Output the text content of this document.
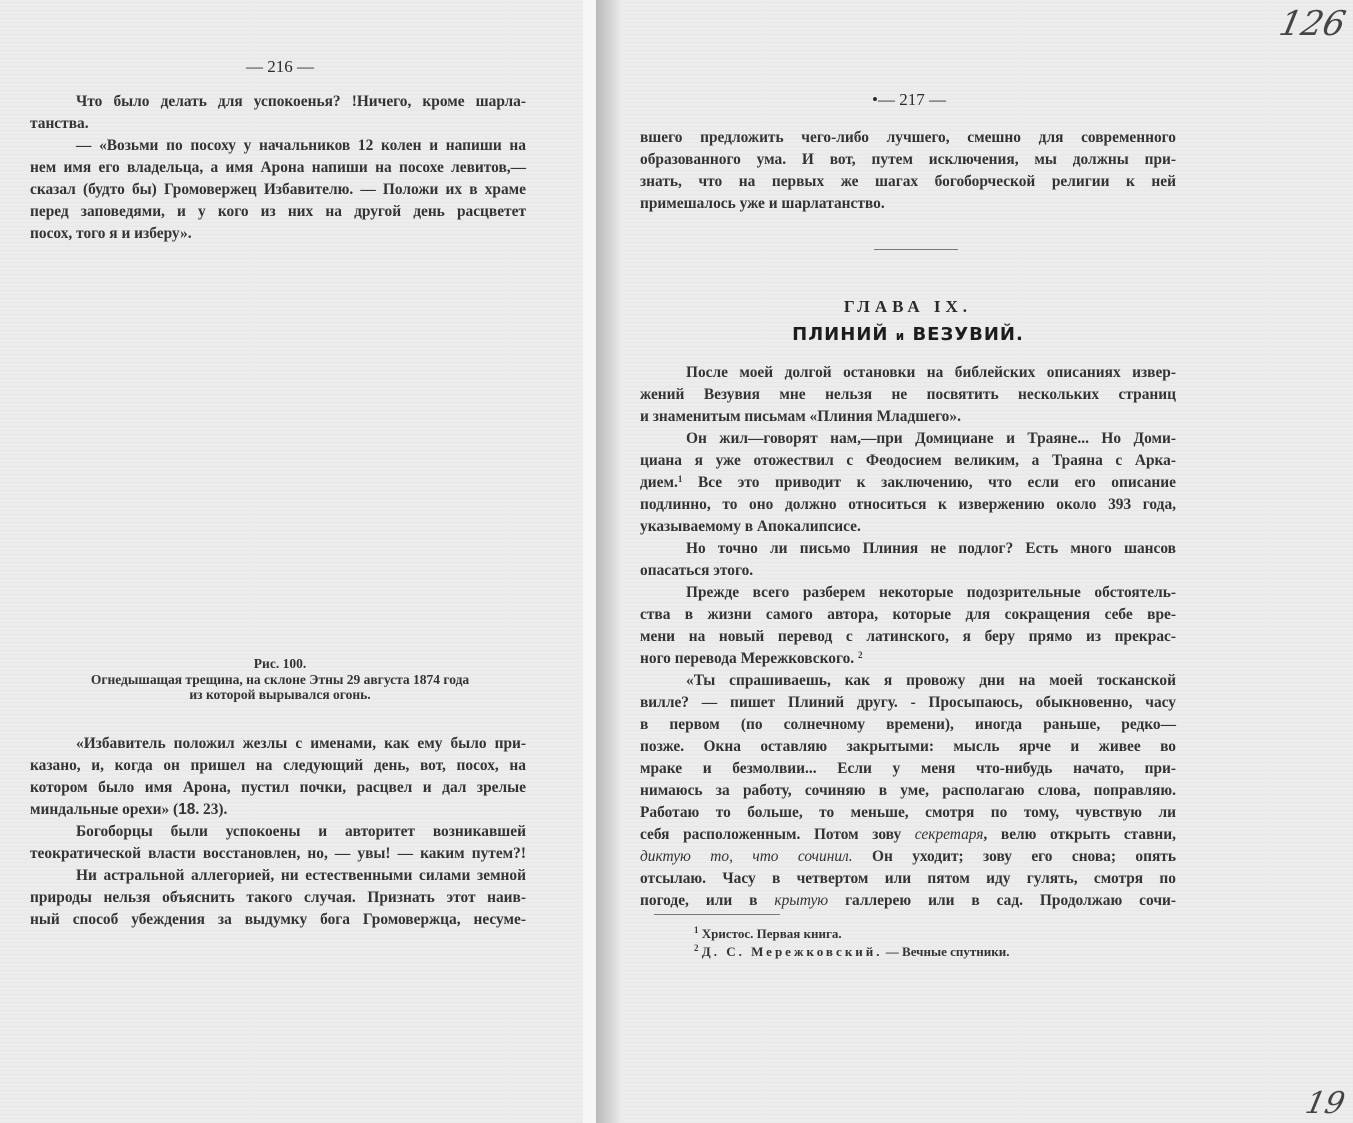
— 216 —

Что было делать для успокоенья? !Ничего, кроме шарла-

танства.

— «Возьми по посоху у начальников 12 колен и напиши на

нем имя его владельца, а имя Арона напиши на посохе левитов,—

сказал (будто бы) Громовержец Избавителю. — Положи их в храме

перед заповедями, и у кого из них на другой день расцветет

посох, того я и изберу».

Рис. 100.
Огнедышащая трещина, на склоне Этны 29 августа 1874 года
из которой вырывался огонь.

«Избавитель положил жезлы с именами, как ему было при-

казано, и, когда он пришел на следующий день, вот, посох, на

котором было имя Арона, пустил почки, расцвел и дал зрелые

миндальные орехи» (18. 23).

Богоборцы были успокоены и авторитет возникавшей

теократической власти восстановлен, но, — увы! — каким путем?!

Ни астральной аллегорией, ни естественными силами земной

природы нельзя объяснить такого случая. Признать этот наив-

ный способ убеждения за выдумку бога Громовержца, несуме-

•— 217 —

вшего предложить чего-либо лучшего, смешно для современного

образованного ума. И вот, путем исключения, мы должны при-

знать, что на первых же шагах богоборческой религии к ней

примешалось уже и шарлатанство.

ГЛАВА IX.
ПЛИНИЙ и ВЕЗУВИЙ.

После моей долгой остановки на библейских описаниях извер-

жений Везувия мне нельзя не посвятить нескольких страниц

и знаменитым письмам «Плиния Младшего».

Он жил—говорят нам,—при Домициане и Траяне... Но Доми-

циана я уже отожествил с Феодосием великим, а Траяна с Арка-

дием.$^1$ Все это приводит к заключению, что если его описание

подлинно, то оно должно относиться к извержению около 393 года,

указываемому в Апокалипсисе.

Но точно ли письмо Плиния не подлог? Есть много шансов

опасаться этого.

Прежде всего разберем некоторые подозрительные обстоятель-

ства в жизни самого автора, которые для сокращения себе вре-

мени на новый перевод с латинского, я беру прямо из прекрас-

ного перевода Мережковского. $^2$

«Ты спрашиваешь, как я провожу дни на моей тосканской

вилле? — пишет Плиний другу. - Просыпаюсь, обыкновенно, часу

в первом (по солнечному времени), иногда раньше, редко—

позже. Окна оставляю закрытыми: мысль ярче и живее во

мраке и безмолвии... Если у меня что-нибудь начато, при-

нимаюсь за работу, сочиняю в уме, располагаю слова, поправляю.

Работаю то больше, то меньше, смотря по тому, чувствую ли

себя расположенным. Потом зову секретаря, велю открыть ставни,

диктую то, что сочинил. Он уходит; зову его снова; опять

отсылаю. Часу в четвертом или пятом иду гулять, смотря по

погоде, или в крытую галлерею или в сад. Продолжаю сочи-

$^1$ Христос. Первая книга.
$^2$ Д. С. Мережковский. — Вечные спутники.
126
19
